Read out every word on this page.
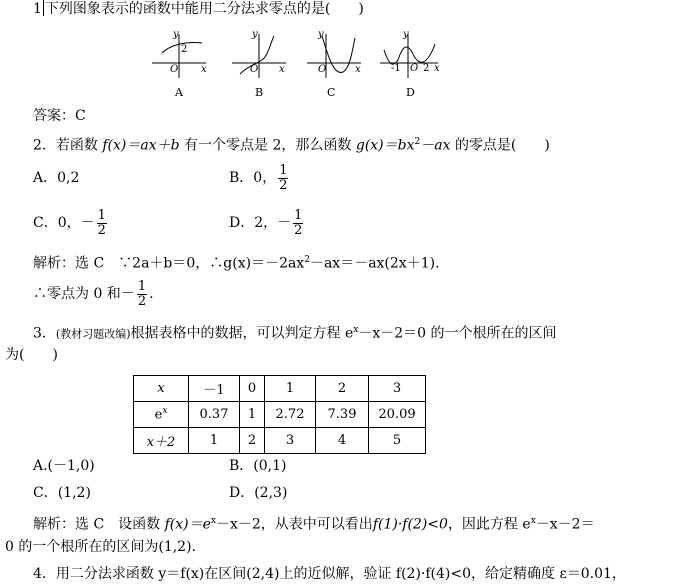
1 下列图象表示的函数中能用二分法求零点的是(　　)
y
2
O x
A
y
O x
B
y
O	x
C
y
-1 O 2 x
D
答案：C
2．若函数 f(x)＝ax＋b 有一个零点是 2，那么函数 $g(x)=bx^2-ax$ 的零点是(　　)
A．0,2	B．0， $\frac{1}{2}$
C．0，－ $\frac{1}{2}$	D．2，－ $\frac{1}{2}$
解析：选 C　∵2a＋b＝0，$\therefore g(x)=-2ax^2-ax=-ax(2x+1)$.
∴零点为 0 和－ $\frac{1}{2}$ .
3．(教材习题改编)根据表格中的数据，可以判定方程 $e^x-x-2=0$ 的一个根所在的区间
为(　　)
x	－1	0	1	2	3
$e^x$	0.37	1	2.72	7.39	20.09
x＋2	1	2	3	4	5
A.(－1,0)	B．(0,1)
C．(1,2)	D．(2,3)
解析：选 C　设函数 $f(x)=e^x-x-2$，从表中可以看出f(1)·f(2)<0，因此方程 $e^x-x-2=$
0 的一个根所在的区间为(1,2).
4．用二分法求函数 y＝f(x)在区间(2,4)上的近似解，验证 f(2)·f(4)<0，给定精确度 ε＝0.01，
